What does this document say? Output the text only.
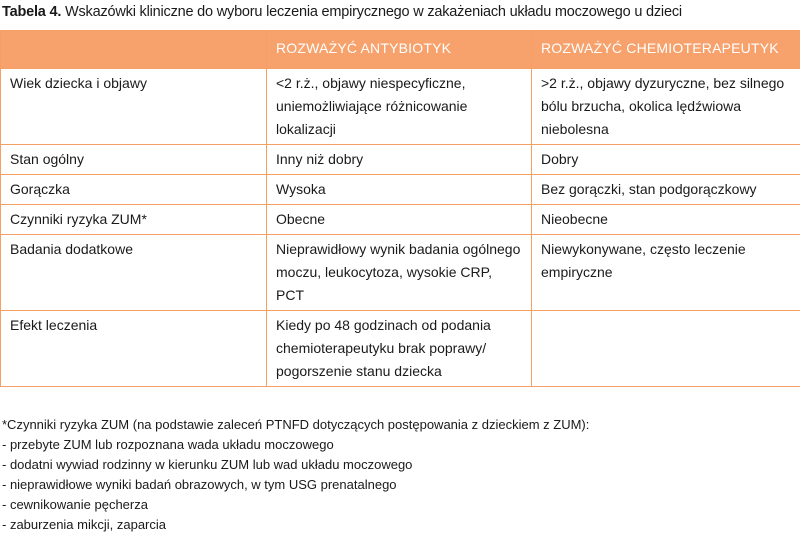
Tabela 4. Wskazówki kliniczne do wyboru leczenia empirycznego w zakażeniach układu moczowego u dzieci
	ROZWAŻYĆ ANTYBIOTYK	ROZWAŻYĆ CHEMIOTERAPEUTYK
Wiek dziecka i objawy	<2 r.ż., objawy niespecyficzne, uniemożliwiające różnicowanie lokalizacji	>2 r.ż., objawy dyzuryczne, bez silnego bólu brzucha, okolica lędźwiowa niebolesna
Stan ogólny	Inny niż dobry	Dobry
Gorączka	Wysoka	Bez gorączki, stan podgorączkowy
Czynniki ryzyka ZUM*	Obecne	Nieobecne
Badania dodatkowe	Nieprawidłowy wynik badania ogólnego moczu, leukocytoza, wysokie CRP, PCT	Niewykonywane, często leczenie empiryczne
Efekt leczenia	Kiedy po 48 godzinach od podania chemioterapeutyku brak poprawy/ pogorszenie stanu dziecka	
*Czynniki ryzyka ZUM (na podstawie zaleceń PTNFD dotyczących postępowania z dzieckiem z ZUM):
- przebyte ZUM lub rozpoznana wada układu moczowego
- dodatni wywiad rodzinny w kierunku ZUM lub wad układu moczowego
- nieprawidłowe wyniki badań obrazowych, w tym USG prenatalnego
- cewnikowanie pęcherza
- zaburzenia mikcji, zaparcia
